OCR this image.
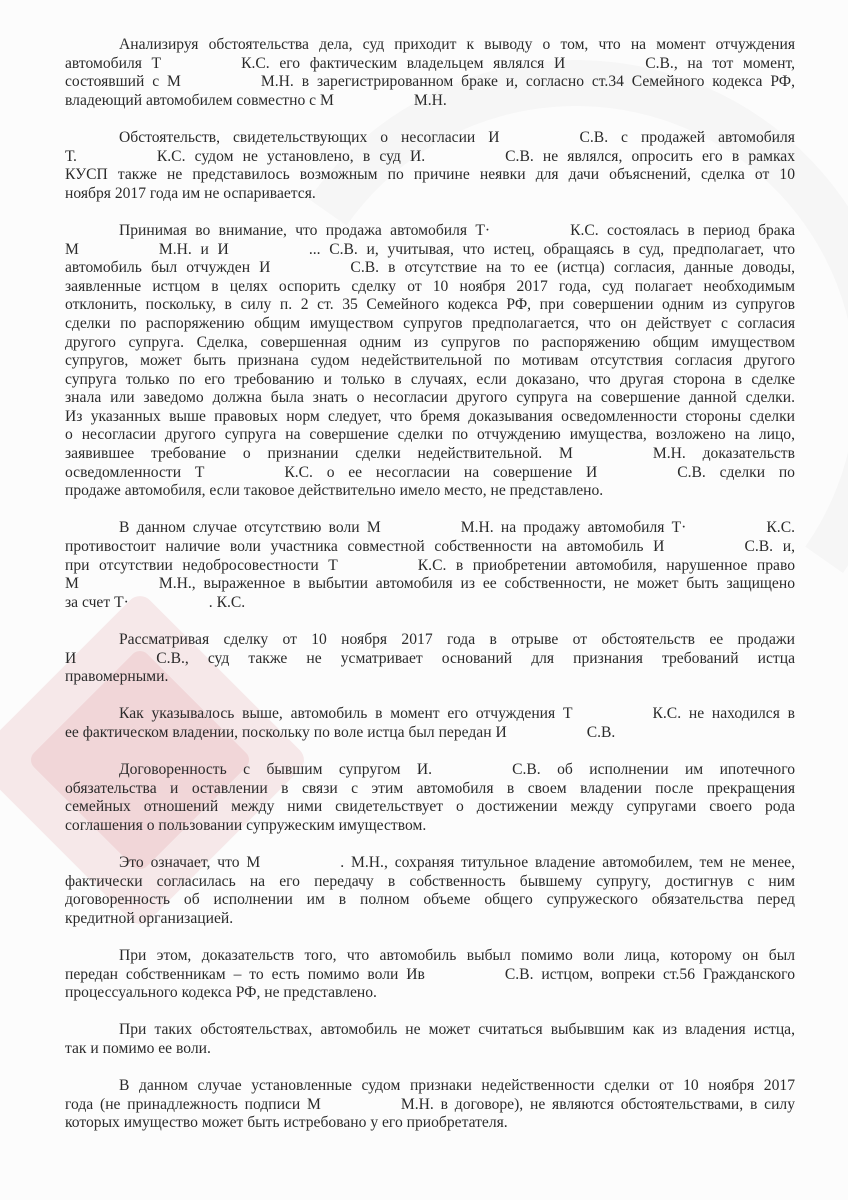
Анализируя обстоятельства дела, суд приходит к выводу о том, что на момент отчуждения
автомобиля Т	К.С. его фактическим владельцем являлся И	С.В., на тот момент,
состоявший с М	М.Н. в зарегистрированном браке и, согласно ст.34 Семейного кодекса РФ,
владеющий автомобилем совместно с М	М.Н.
Обстоятельств, свидетельствующих о несогласии И	С.В. с продажей автомобиля
Т.	К.С. судом не установлено, в суд И.	С.В. не являлся, опросить его в рамках
КУСП также не представилось возможным по причине неявки для дачи объяснений, сделка от 10
ноября 2017 года им не оспаривается.
Принимая во внимание, что продажа автомобиля Т·	К.С. состоялась в период брака
М	М.Н. и И	... С.В. и, учитывая, что истец, обращаясь в суд, предполагает, что
автомобиль был отчужден И	С.В. в отсутствие на то ее (истца) согласия, данные доводы,
заявленные истцом в целях оспорить сделку от 10 ноября 2017 года, суд полагает необходимым
отклонить, поскольку, в силу п. 2 ст. 35 Семейного кодекса РФ, при совершении одним из супругов
сделки по распоряжению общим имуществом супругов предполагается, что он действует с согласия
другого супруга. Сделка, совершенная одним из супругов по распоряжению общим имуществом
супругов, может быть признана судом недействительной по мотивам отсутствия согласия другого
супруга только по его требованию и только в случаях, если доказано, что другая сторона в сделке
знала или заведомо должна была знать о несогласии другого супруга на совершение данной сделки.
Из указанных выше правовых норм следует, что бремя доказывания осведомленности стороны сделки
о несогласии другого супруга на совершение сделки по отчуждению имущества, возложено на лицо,
заявившее требование о признании сделки недействительной. М	М.Н. доказательств
осведомленности Т	К.С. о ее несогласии на совершение И	С.В. сделки по
продаже автомобиля, если таковое действительно имело место, не представлено.
В данном случае отсутствию воли М	М.Н. на продажу автомобиля Т·	К.С.
противостоит наличие воли участника совместной собственности на автомобиль И	С.В. и,
при отсутствии недобросовестности Т	К.С. в приобретении автомобиля, нарушенное право
М	М.Н., выраженное в выбытии автомобиля из ее собственности, не может быть защищено
за счет Т·	. К.С.
Рассматривая сделку от 10 ноября 2017 года в отрыве от обстоятельств ее продажи
И	С.В., суд также не усматривает оснований для признания требований истца
правомерными.
Как указывалось выше, автомобиль в момент его отчуждения Т	К.С. не находился в
ее фактическом владении, поскольку по воле истца был передан И	С.В.
Договоренность с бывшим супругом И.	С.В. об исполнении им ипотечного
обязательства и оставлении в связи с этим автомобиля в своем владении после прекращения
семейных отношений между ними свидетельствует о достижении между супругами своего рода
соглашения о пользовании супружеским имуществом.
Это означает, что М	. М.Н., сохраняя титульное владение автомобилем, тем не менее,
фактически согласилась на его передачу в собственность бывшему супругу, достигнув с ним
договоренность об исполнении им в полном объеме общего супружеского обязательства перед
кредитной организацией.
При этом, доказательств того, что автомобиль выбыл помимо воли лица, которому он был
передан собственникам – то есть помимо воли Ив	С.В. истцом, вопреки ст.56 Гражданского
процессуального кодекса РФ, не представлено.
При таких обстоятельствах, автомобиль не может считаться выбывшим как из владения истца,
так и помимо ее воли.
В данном случае установленные судом признаки недейственности сделки от 10 ноября 2017
года (не принадлежность подписи М	М.Н. в договоре), не являются обстоятельствами, в силу
которых имущество может быть истребовано у его приобретателя.
